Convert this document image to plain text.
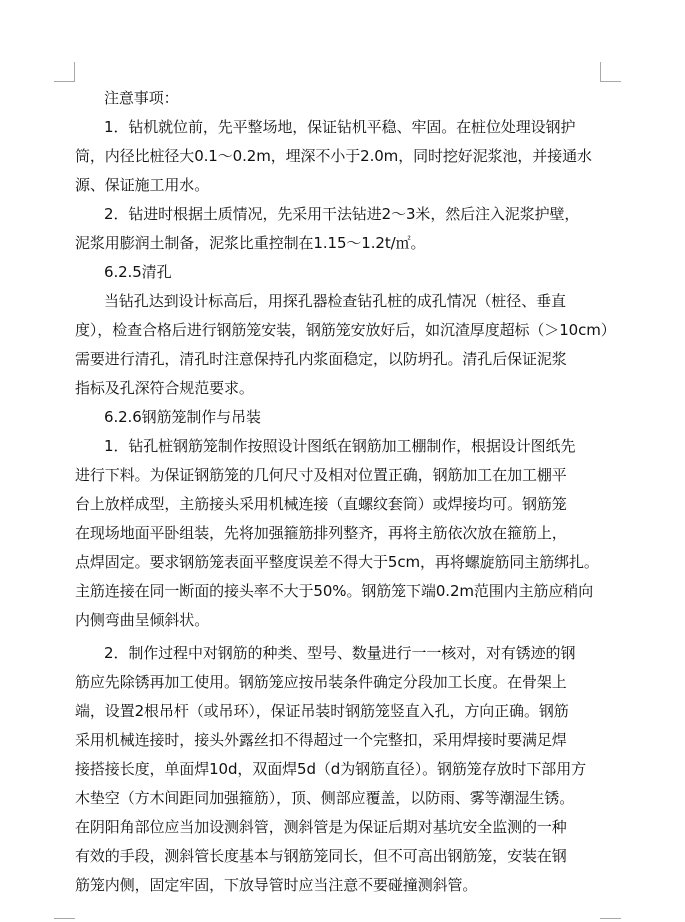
注意事项：
1．钻机就位前，先平整场地，保证钻机平稳、牢固。在桩位处理设钢护
筒，内径比桩径大0.1～0.2m，埋深不小于2.0m，同时挖好泥浆池，并接通水
源、保证施工用水。
2．钻进时根据土质情况，先采用干法钻进2～3米，然后注入泥浆护壁，
泥浆用膨润土制备，泥浆比重控制在1.15～1.2t/㎡。
6.2.5清孔
当钻孔达到设计标高后，用探孔器检查钻孔桩的成孔情况（桩径、垂直
度），检查合格后进行钢筋笼安装，钢筋笼安放好后，如沉渣厚度超标（＞10cm）
需要进行清孔，清孔时注意保持孔内浆面稳定，以防坍孔。清孔后保证泥浆
指标及孔深符合规范要求。
6.2.6钢筋笼制作与吊装
1．钻孔桩钢筋笼制作按照设计图纸在钢筋加工棚制作，根据设计图纸先
进行下料。为保证钢筋笼的几何尺寸及相对位置正确，钢筋加工在加工棚平
台上放样成型，主筋接头采用机械连接（直螺纹套筒）或焊接均可。钢筋笼
在现场地面平卧组装，先将加强箍筋排列整齐，再将主筋依次放在箍筋上，
点焊固定。要求钢筋笼表面平整度误差不得大于5cm，再将螺旋筋同主筋绑扎。
主筋连接在同一断面的接头率不大于50%。钢筋笼下端0.2m范围内主筋应稍向
内侧弯曲呈倾斜状。
2．制作过程中对钢筋的种类、型号、数量进行一一核对，对有锈迹的钢
筋应先除锈再加工使用。钢筋笼应按吊装条件确定分段加工长度。在骨架上
端，设置2根吊杆（或吊环），保证吊装时钢筋笼竖直入孔，方向正确。钢筋
采用机械连接时，接头外露丝扣不得超过一个完整扣，采用焊接时要满足焊
接搭接长度，单面焊10d，双面焊5d（d为钢筋直径）。钢筋笼存放时下部用方
木垫空（方木间距同加强箍筋），顶、侧部应覆盖，以防雨、雾等潮湿生锈。
在阴阳角部位应当加设测斜管，测斜管是为保证后期对基坑安全监测的一种
有效的手段，测斜管长度基本与钢筋笼同长，但不可高出钢筋笼，安装在钢
筋笼内侧，固定牢固，下放导管时应当注意不要碰撞测斜管。
